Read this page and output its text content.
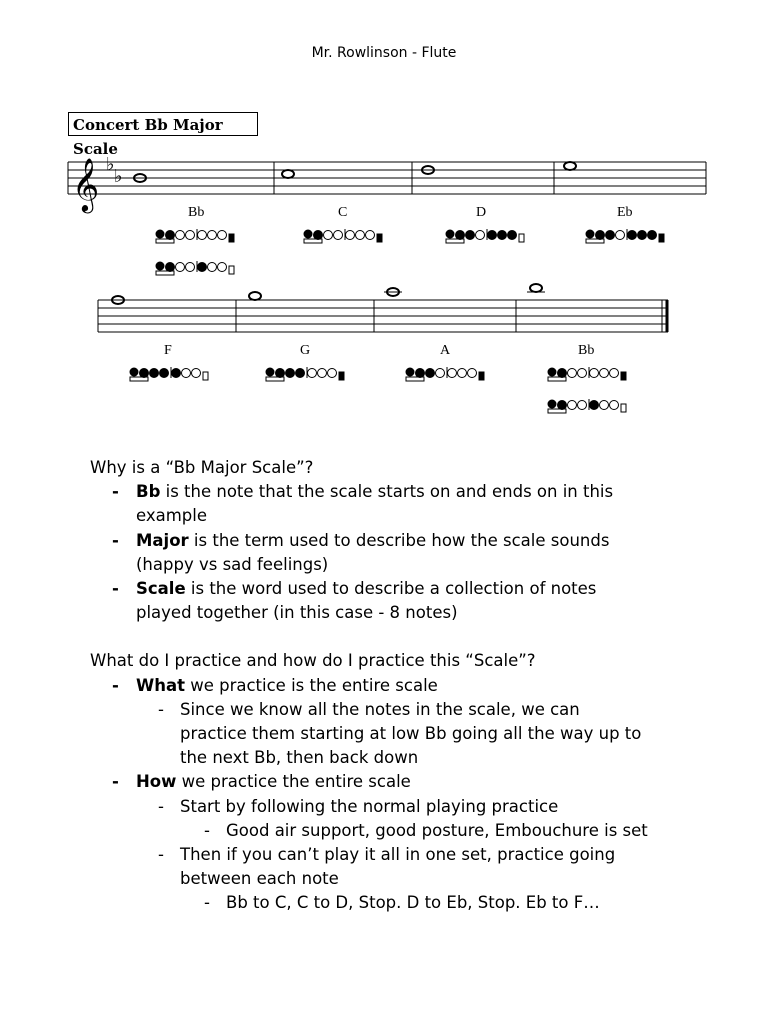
Mr. Rowlinson - Flute
Concert Bb Major Scale
𝄞 ♭
♭
Bb	C	D	Eb
F	G	A	Bb

Why is a “Bb Major Scale”?

- Bb is the note that the scale starts on and ends on in this
example
- Major is the term used to describe how the scale sounds
(happy vs sad feelings)
- Scale is the word used to describe a collection of notes
played together (in this case - 8 notes)

What do I practice and how do I practice this “Scale”?

- What we practice is the entire scale
- Since we know all the notes in the scale, we can
practice them starting at low Bb going all the way up to
the next Bb, then back down
- How we practice the entire scale
- Start by following the normal playing practice
- Good air support, good posture, Embouchure is set
- Then if you can’t play it all in one set, practice going
between each note
- Bb to C, C to D, Stop. D to Eb, Stop. Eb to F…
